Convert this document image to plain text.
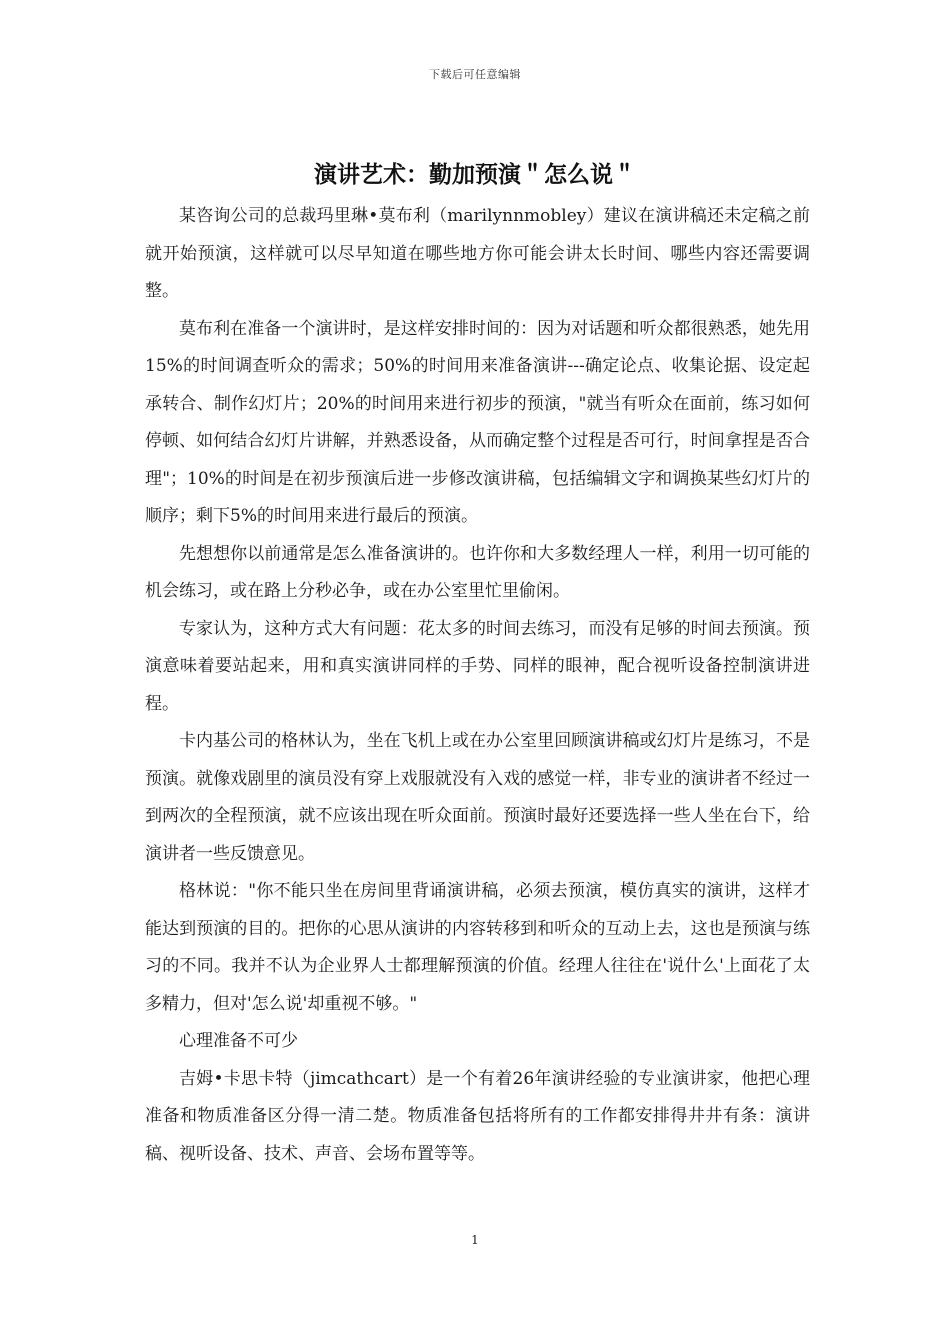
下载后可任意编辑
演讲艺术：勤加预演＂怎么说＂

某咨询公司的总裁玛里琳•莫布利（marilynnmobley）建议在演讲稿还未定稿之前就开始预演，这样就可以尽早知道在哪些地方你可能会讲太长时间、哪些内容还需要调整。

莫布利在准备一个演讲时，是这样安排时间的：因为对话题和听众都很熟悉，她先用15%的时间调查听众的需求；50%的时间用来准备演讲---确定论点、收集论据、设定起承转合、制作幻灯片；20%的时间用来进行初步的预演，"就当有听众在面前，练习如何停顿、如何结合幻灯片讲解，并熟悉设备，从而确定整个过程是否可行，时间拿捏是否合理"；10%的时间是在初步预演后进一步修改演讲稿，包括编辑文字和调换某些幻灯片的顺序；剩下5%的时间用来进行最后的预演。

先想想你以前通常是怎么准备演讲的。也许你和大多数经理人一样，利用一切可能的机会练习，或在路上分秒必争，或在办公室里忙里偷闲。

专家认为，这种方式大有问题：花太多的时间去练习，而没有足够的时间去预演。预演意味着要站起来，用和真实演讲同样的手势、同样的眼神，配合视听设备控制演讲进程。

卡内基公司的格林认为，坐在飞机上或在办公室里回顾演讲稿或幻灯片是练习，不是预演。就像戏剧里的演员没有穿上戏服就没有入戏的感觉一样，非专业的演讲者不经过一到两次的全程预演，就不应该出现在听众面前。预演时最好还要选择一些人坐在台下，给演讲者一些反馈意见。

格林说："你不能只坐在房间里背诵演讲稿，必须去预演，模仿真实的演讲，这样才能达到预演的目的。把你的心思从演讲的内容转移到和听众的互动上去，这也是预演与练习的不同。我并不认为企业界人士都理解预演的价值。经理人往往在'说什么'上面花了太多精力，但对'怎么说'却重视不够。"

心理准备不可少

吉姆•卡思卡特（jimcathcart）是一个有着26年演讲经验的专业演讲家，他把心理准备和物质准备区分得一清二楚。物质准备包括将所有的工作都安排得井井有条：演讲稿、视听设备、技术、声音、会场布置等等。

1
